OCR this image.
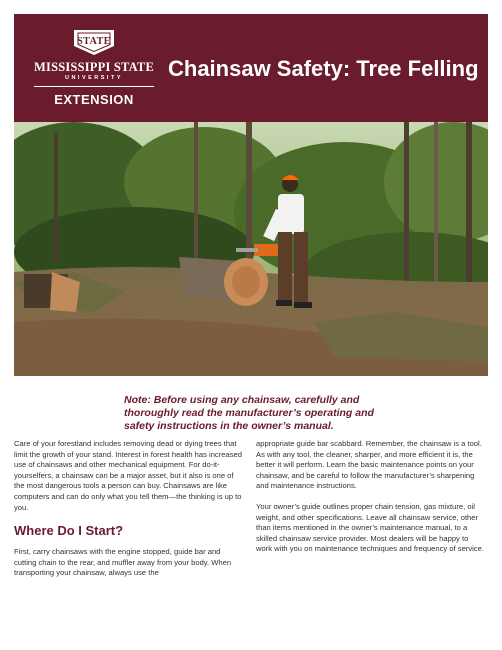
STATE
MISSISSIPPI STATE
UNIVERSITY
EXTENSION
Chainsaw Safety: Tree Felling
Note: Before using any chainsaw, carefully and thoroughly read the manufacturer’s operating and safety instructions in the owner’s manual.

Care of your forestland includes removing dead or dying trees that limit the growth of your stand. Interest in forest health has increased use of chainsaws and other mechanical equipment. For do-it-yourselfers, a chainsaw can be a major asset, but it also is one of the most dangerous tools a person can buy. Chainsaws are like computers and can do only what you tell them—the thinking is up to you.

Where Do I Start?

First, carry chainsaws with the engine stopped, guide bar and cutting chain to the rear, and muffler away from your body. When transporting your chainsaw, always use the

appropriate guide bar scabbard. Remember, the chainsaw is a tool. As with any tool, the cleaner, sharper, and more efficient it is, the better it will perform. Learn the basic maintenance points on your chainsaw, and be careful to follow the manufacturer’s sharpening and maintenance instructions.

Your owner’s guide outlines proper chain tension, gas mixture, oil weight, and other specifications. Leave all chainsaw service, other than items mentioned in the owner’s maintenance manual, to a skilled chainsaw service provider. Most dealers will be happy to work with you on maintenance techniques and frequency of service.
